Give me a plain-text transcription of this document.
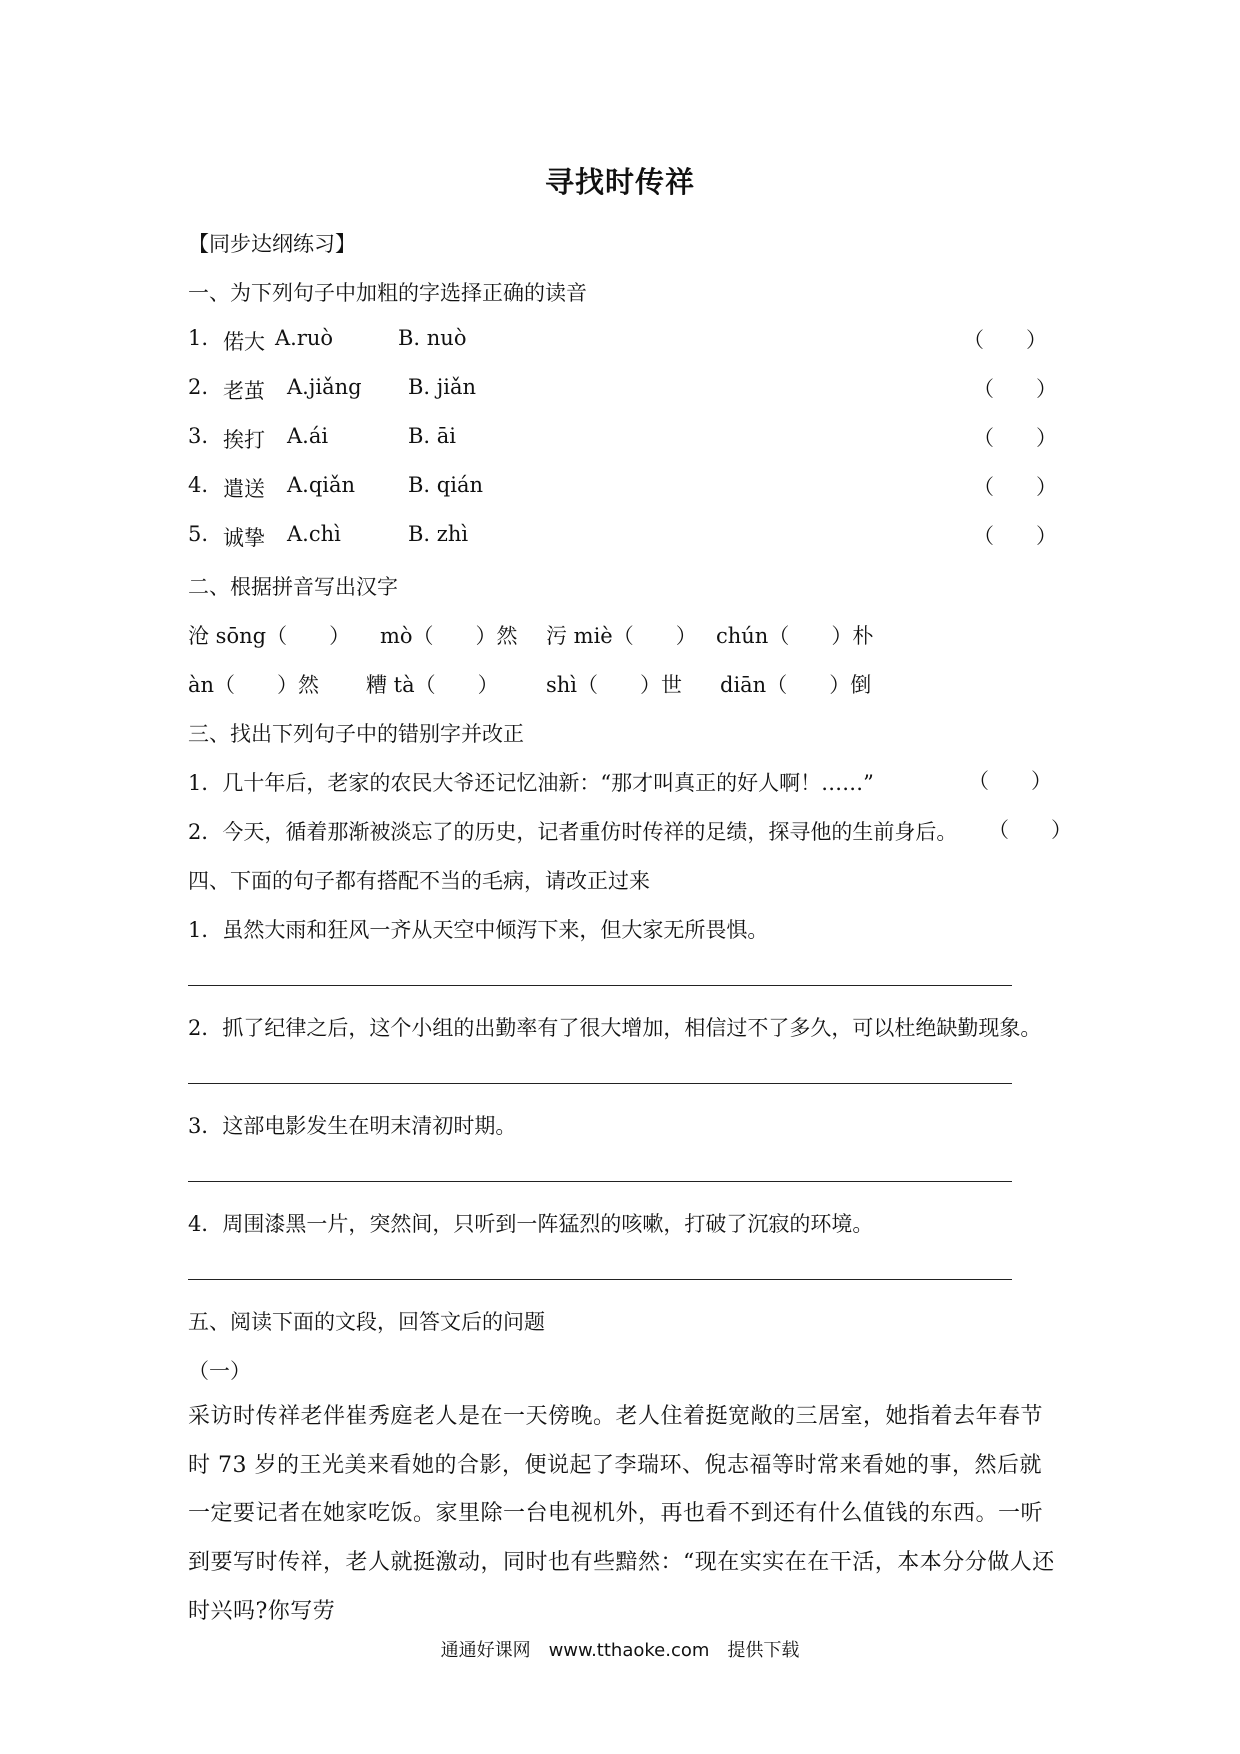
寻找时传祥
【同步达纲练习】
一、为下列句子中加粗的字选择正确的读音
1. 偌大 A.ruò	B. nuò	（　　）
2. 老茧 A.jiǎng B. jiǎn	（　　）
3. 挨打 A.ái	B. āi	（　　）
4. 遣送 A.qiǎn	B. qián	（　　）
5. 诚挚 A.chì	B. zhì	（　　）
二、根据拼音写出汉字
沧 sōng（　　） mò（　　）然 污 miè（　　） chún（　　）朴
àn（　　）然 糟 tà（　　） shì（　　）世 diān（　　）倒
三、找出下列句子中的错别字并改正
1．几十年后，老家的农民大爷还记忆油新：“那才叫真正的好人啊！……”	（　　）
2．今天，循着那渐被淡忘了的历史，记者重仿时传祥的足绩，探寻他的生前身后。 （　　）
四、下面的句子都有搭配不当的毛病，请改正过来
1．虽然大雨和狂风一齐从天空中倾泻下来，但大家无所畏惧。
2．抓了纪律之后，这个小组的出勤率有了很大增加，相信过不了多久，可以杜绝缺勤现象。
3．这部电影发生在明末清初时期。
4．周围漆黑一片，突然间，只听到一阵猛烈的咳嗽，打破了沉寂的环境。
五、阅读下面的文段，回答文后的问题
（一）
采访时传祥老伴崔秀庭老人是在一天傍晚。老人住着挺宽敞的三居室，她指着去年春节时 73 岁的王光美来看她的合影，便说起了李瑞环、倪志福等时常来看她的事，然后就一定要记者在她家吃饭。家里除一台电视机外，再也看不到还有什么值钱的东西。一听到要写时传祥，老人就挺激动，同时也有些黯然：“现在实实在在干活，本本分分做人还时兴吗?你写劳
通通好课网　www.tthaoke.com　提供下载
